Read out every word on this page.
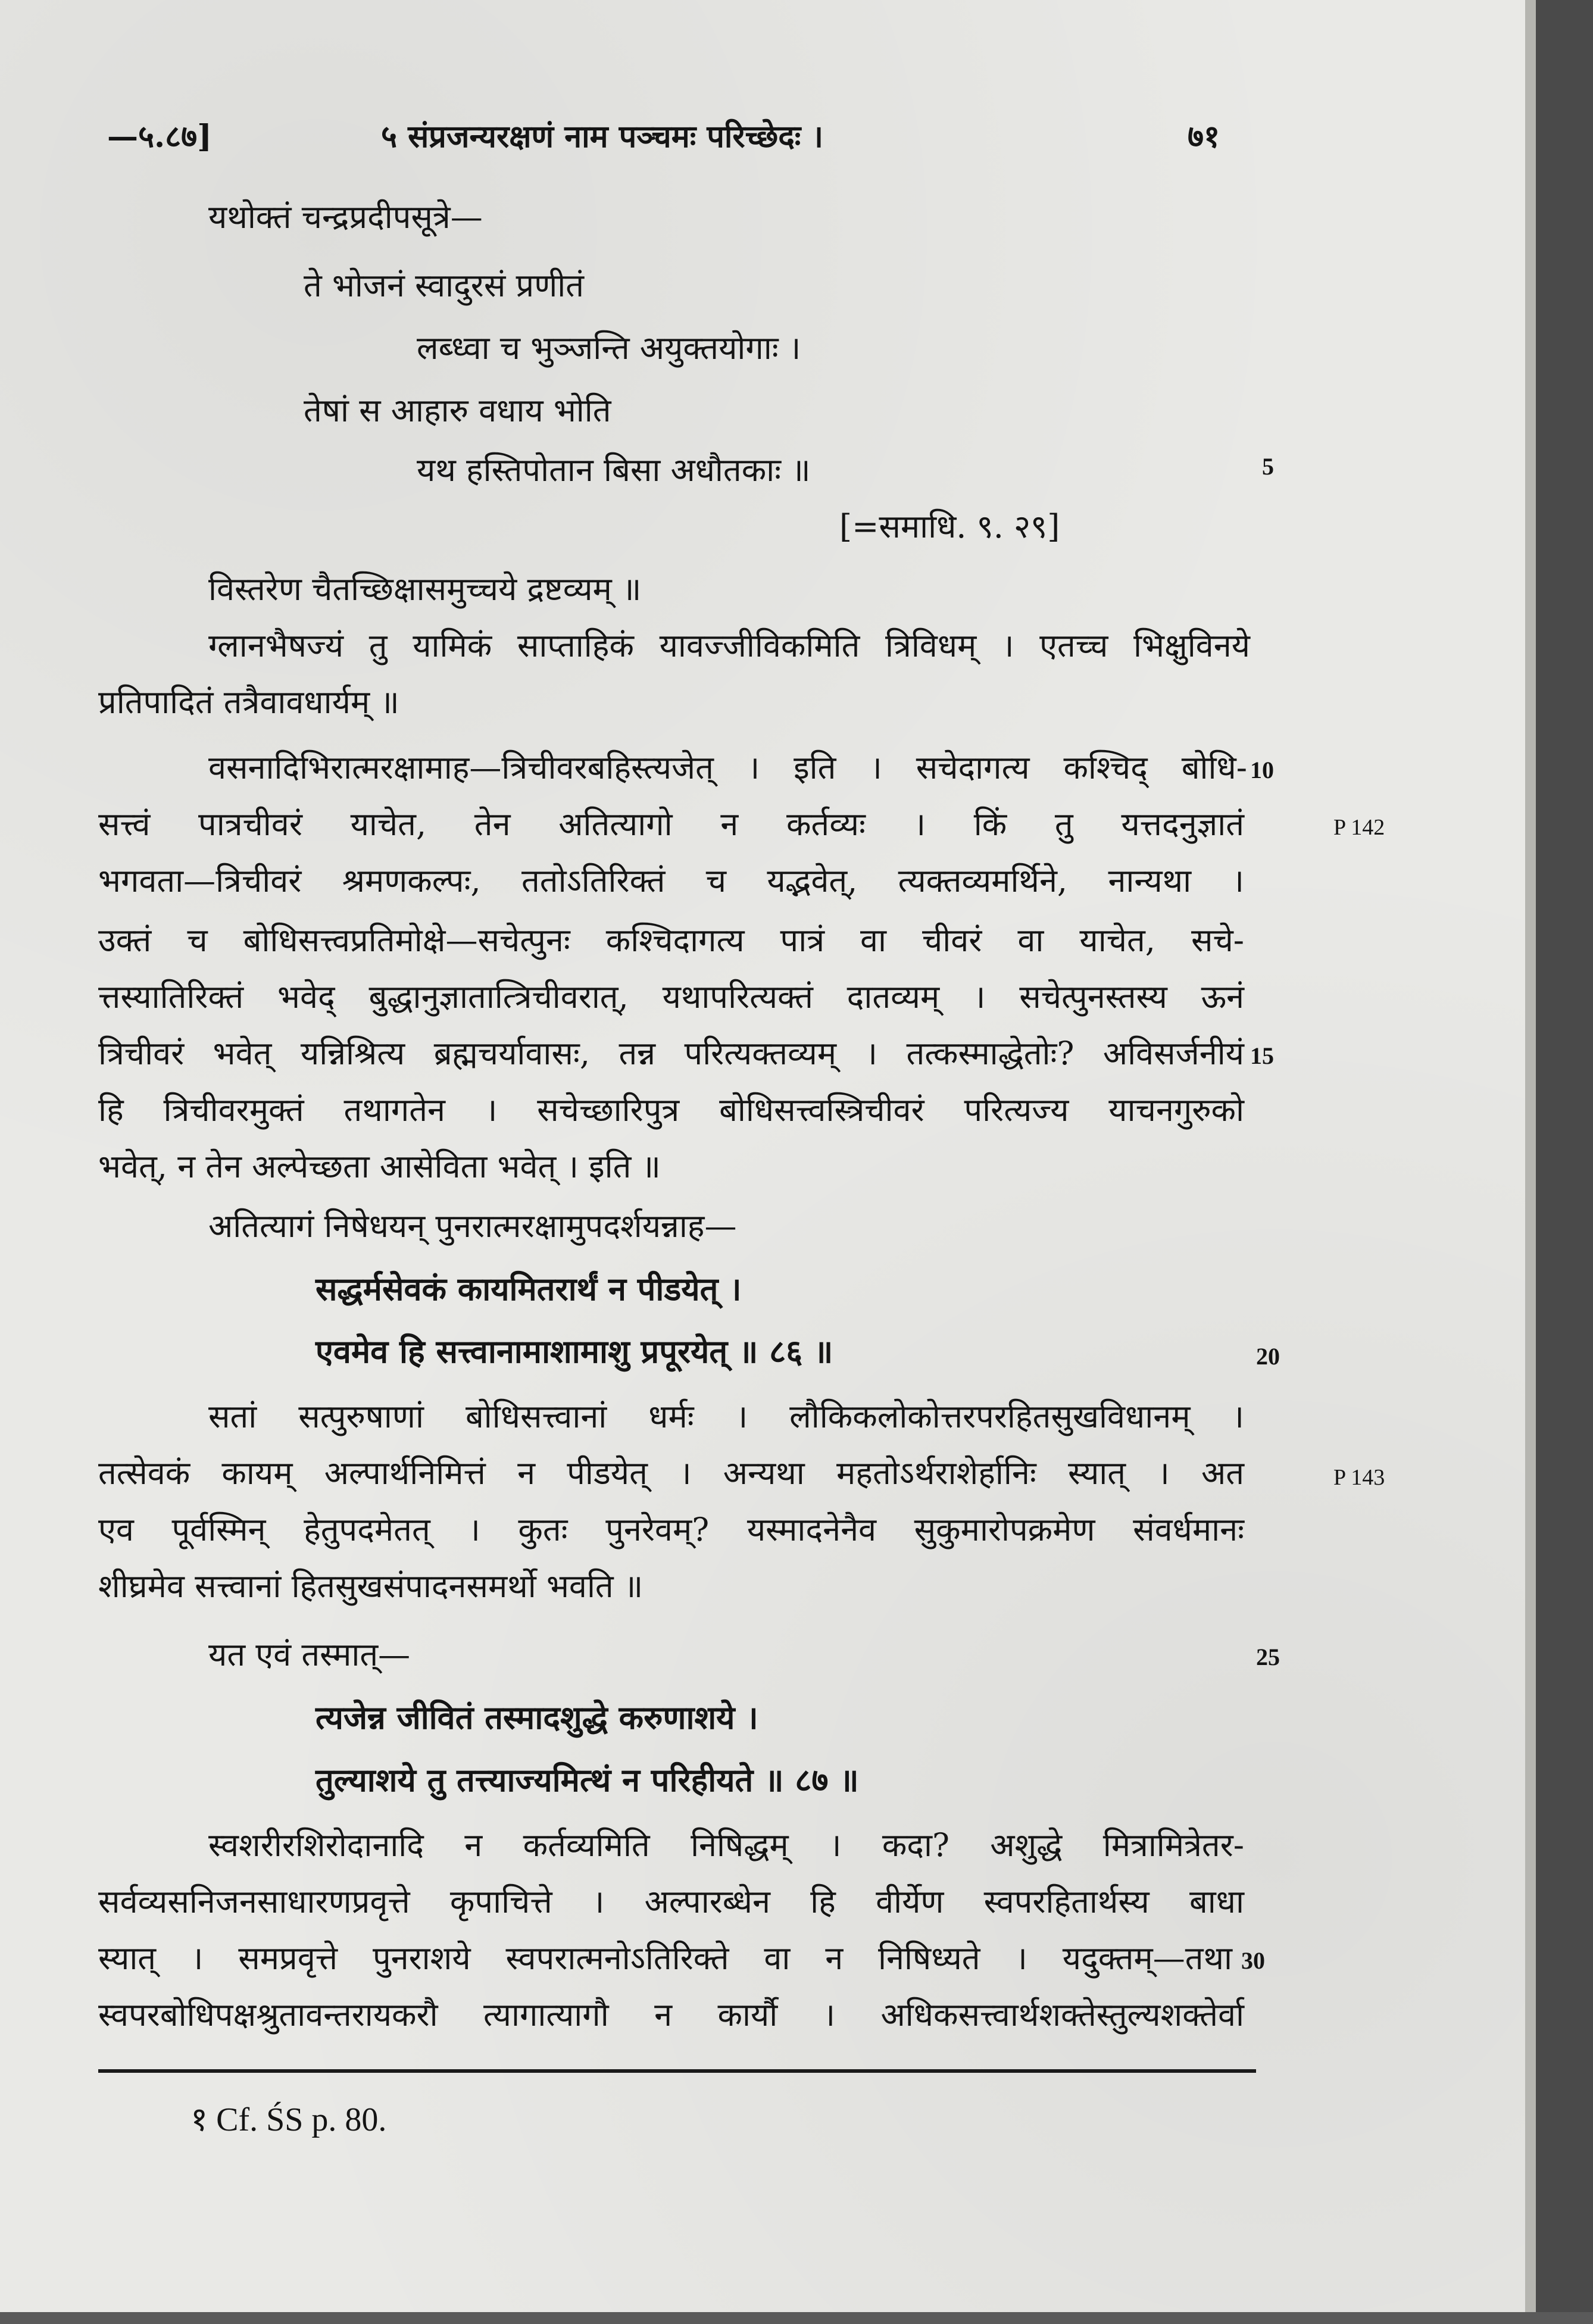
—५.८७]	५ संप्रजन्यरक्षणं नाम पञ्चमः परिच्छेदः ।	७१
यथोक्तं चन्द्रप्रदीपसूत्रे—
ते भोजनं स्वादुरसं प्रणीतं
लब्ध्वा च भुञ्जन्ति अयुक्तयोगाः ।
तेषां स आहारु वधाय भोति
यथ हस्तिपोतान बिसा अधौतकाः ॥
[=समाधि. ९. २९]
विस्तरेण चैतच्छिक्षासमुच्चये द्रष्टव्यम् ॥
ग्लानभैषज्यं तु यामिकं साप्ताहिकं यावज्जीविकमिति त्रिविधम् । एतच्च भिक्षुविनये
प्रतिपादितं तत्रैवावधार्यम् ॥
वसनादिभिरात्मरक्षामाह—त्रिचीवरबहिस्त्यजेत् । इति । सचेदागत्य कश्चिद् बोधि-
सत्त्वं पात्रचीवरं याचेत, तेन अतित्यागो न कर्तव्यः । किं तु यत्तदनुज्ञातं
भगवता—त्रिचीवरं श्रमणकल्पः, ततोऽतिरिक्तं च यद्भवेत्, त्यक्तव्यमर्थिने, नान्यथा ।
उक्तं च बोधिसत्त्वप्रतिमोक्षे—सचेत्पुनः कश्चिदागत्य पात्रं वा चीवरं वा याचेत, सचे-
त्तस्यातिरिक्तं भवेद् बुद्धानुज्ञातात्त्रिचीवरात्, यथापरित्यक्तं दातव्यम् । सचेत्पुनस्तस्य ऊनं
त्रिचीवरं भवेत् यन्निश्रित्य ब्रह्मचर्यावासः, तन्न परित्यक्तव्यम् । तत्कस्माद्धेतोः? अविसर्जनीयं
हि त्रिचीवरमुक्तं तथागतेन । सचेच्छारिपुत्र बोधिसत्त्वस्त्रिचीवरं परित्यज्य याचनगुरुको
भवेत्, न तेन अल्पेच्छता आसेविता भवेत् । इति ॥
अतित्यागं निषेधयन् पुनरात्मरक्षामुपदर्शयन्नाह—
सद्धर्मसेवकं कायमितरार्थं न पीडयेत् ।
एवमेव हि सत्त्वानामाशामाशु प्रपूरयेत् ॥ ८६ ॥
सतां सत्पुरुषाणां बोधिसत्त्वानां धर्मः । लौकिकलोकोत्तरपरहितसुखविधानम् ।
तत्सेवकं कायम् अल्पार्थनिमित्तं न पीडयेत् । अन्यथा महतोऽर्थराशेर्हानिः स्यात् । अत
एव पूर्वस्मिन् हेतुपदमेतत् । कुतः पुनरेवम्? यस्मादनेनैव सुकुमारोपक्रमेण संवर्धमानः
शीघ्रमेव सत्त्वानां हितसुखसंपादनसमर्थो भवति ॥
यत एवं तस्मात्—
त्यजेन्न जीवितं तस्मादशुद्धे करुणाशये ।
तुल्याशये तु तत्त्याज्यमित्थं न परिहीयते ॥ ८७ ॥
स्वशरीरशिरोदानादि न कर्तव्यमिति निषिद्धम् । कदा? अशुद्धे मित्रामित्रेतर-
सर्वव्यसनिजनसाधारणप्रवृत्ते कृपाचित्ते । अल्पारब्धेन हि वीर्येण स्वपरहितार्थस्य बाधा
स्यात् । समप्रवृत्ते पुनराशये स्वपरात्मनोऽतिरिक्ते वा न निषिध्यते । यदुक्तम्—तथा
स्वपरबोधिपक्षश्रुतावन्तरायकरौ त्यागात्यागौ न कार्यौ । अधिकसत्त्वार्थशक्तेस्तुल्यशक्तेर्वा
5
10
15
20
25
30
P 142
P 143
१ Cf. ŚS p. 80.
